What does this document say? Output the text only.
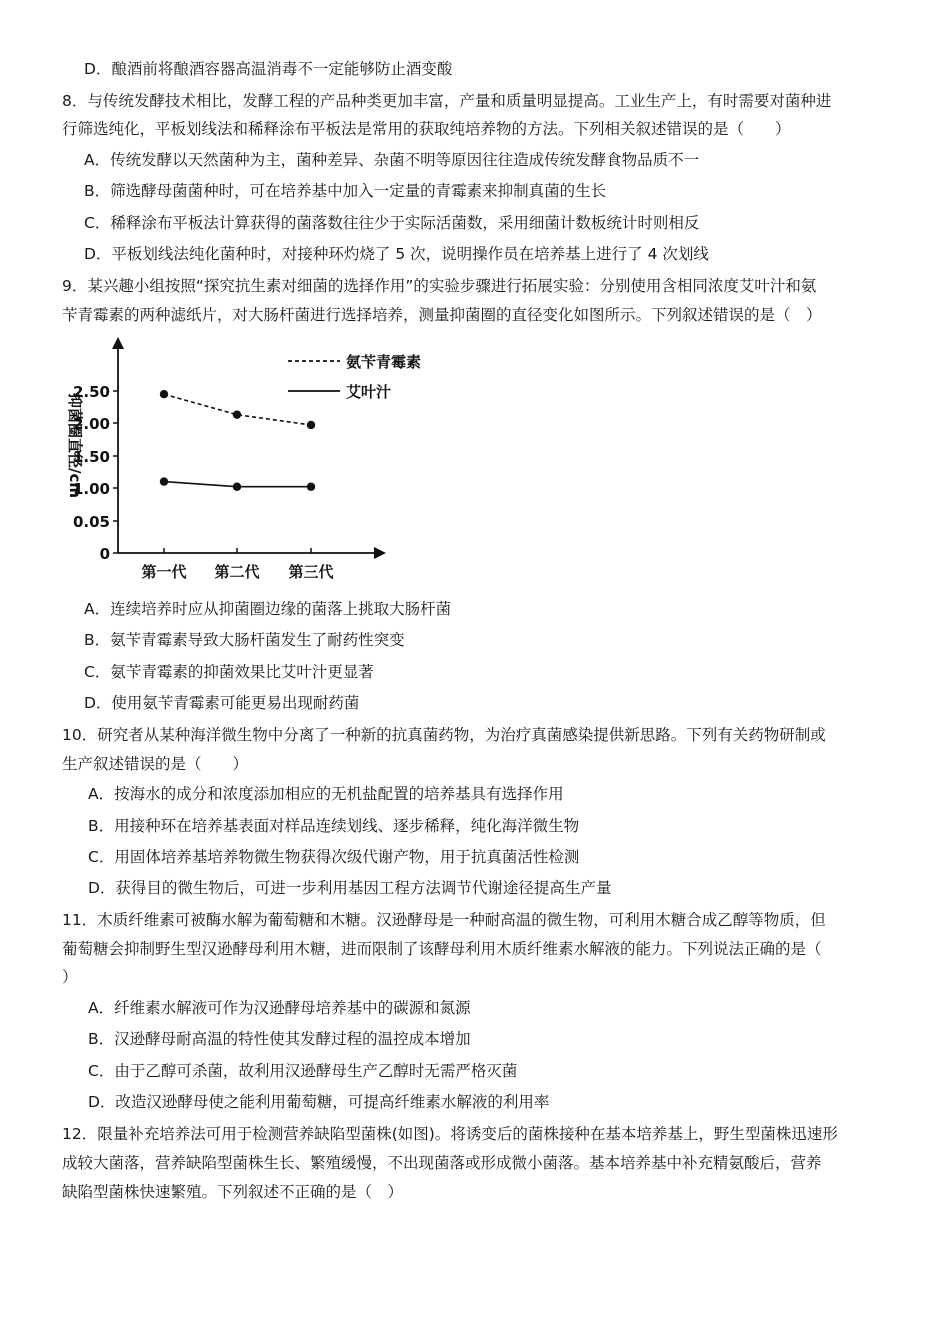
D．酿酒前将酿酒容器高温消毒不一定能够防止酒变酸
8．与传统发酵技术相比，发酵工程的产品种类更加丰富，产量和质量明显提高。工业生产上，有时需要对菌种进
行筛选纯化，平板划线法和稀释涂布平板法是常用的获取纯培养物的方法。下列相关叙述错误的是（　　）
A．传统发酵以天然菌种为主，菌种差异、杂菌不明等原因往往造成传统发酵食物品质不一
B．筛选酵母菌菌种时，可在培养基中加入一定量的青霉素来抑制真菌的生长
C．稀释涂布平板法计算获得的菌落数往往少于实际活菌数，采用细菌计数板统计时则相反
D．平板划线法纯化菌种时，对接种环灼烧了 5 次，说明操作员在培养基上进行了 4 次划线
9．某兴趣小组按照“探究抗生素对细菌的选择作用”的实验步骤进行拓展实验：分别使用含相同浓度艾叶汁和氨
苄青霉素的两种滤纸片，对大肠杆菌进行选择培养，测量抑菌圈的直径变化如图所示。下列叙述错误的是（　）
抑菌圈直径/cm
0
0.05
1.00
1.50
2.00
2.50
第一代 第二代 第三代
氨苄青霉素
艾叶汁
A．连续培养时应从抑菌圈边缘的菌落上挑取大肠杆菌
B．氨苄青霉素导致大肠杆菌发生了耐药性突变
C．氨苄青霉素的抑菌效果比艾叶汁更显著
D．使用氨苄青霉素可能更易出现耐药菌
10．研究者从某种海洋微生物中分离了一种新的抗真菌药物，为治疗真菌感染提供新思路。下列有关药物研制或
生产叙述错误的是（　　）
A．按海水的成分和浓度添加相应的无机盐配置的培养基具有选择作用
B．用接种环在培养基表面对样品连续划线、逐步稀释，纯化海洋微生物
C．用固体培养基培养物微生物获得次级代谢产物，用于抗真菌活性检测
D．获得目的微生物后，可进一步利用基因工程方法调节代谢途径提高生产量
11．木质纤维素可被酶水解为葡萄糖和木糖。汉逊酵母是一种耐高温的微生物，可利用木糖合成乙醇等物质，但
葡萄糖会抑制野生型汉逊酵母利用木糖，进而限制了该酵母利用木质纤维素水解液的能力。下列说法正确的是（
）
A．纤维素水解液可作为汉逊酵母培养基中的碳源和氮源
B．汉逊酵母耐高温的特性使其发酵过程的温控成本增加
C．由于乙醇可杀菌，故利用汉逊酵母生产乙醇时无需严格灭菌
D．改造汉逊酵母使之能利用葡萄糖，可提高纤维素水解液的利用率
12．限量补充培养法可用于检测营养缺陷型菌株(如图)。将诱变后的菌株接种在基本培养基上，野生型菌株迅速形
成较大菌落，营养缺陷型菌株生长、繁殖缓慢，不出现菌落或形成微小菌落。基本培养基中补充精氨酸后，营养
缺陷型菌株快速繁殖。下列叙述不正确的是（　）
